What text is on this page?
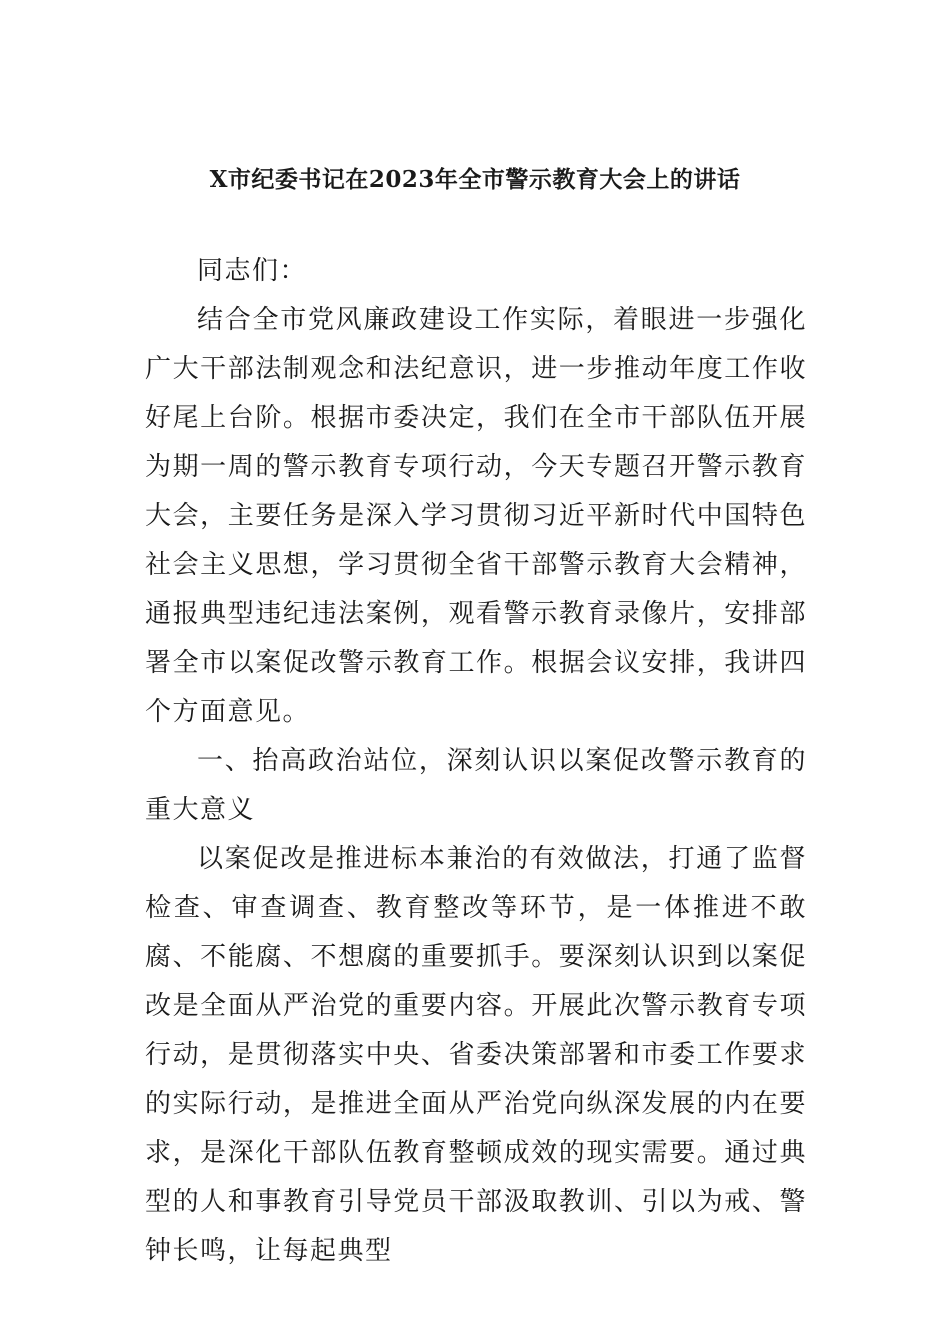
X市纪委书记在2023年全市警示教育大会上的讲话

同志们：

结合全市党风廉政建设工作实际，着眼进一步强化广大干部法制观念和法纪意识，进一步推动年度工作收好尾上台阶。根据市委决定，我们在全市干部队伍开展为期一周的警示教育专项行动，今天专题召开警示教育大会，主要任务是深入学习贯彻习近平新时代中国特色社会主义思想，学习贯彻全省干部警示教育大会精神，通报典型违纪违法案例，观看警示教育录像片，安排部署全市以案促改警示教育工作。根据会议安排，我讲四个方面意见。

一、抬高政治站位，深刻认识以案促改警示教育的重大意义

以案促改是推进标本兼治的有效做法，打通了监督检查、审查调查、教育整改等环节，是一体推进不敢腐、不能腐、不想腐的重要抓手。要深刻认识到以案促改是全面从严治党的重要内容。开展此次警示教育专项行动，是贯彻落实中央、省委决策部署和市委工作要求的实际行动，是推进全面从严治党向纵深发展的内在要求，是深化干部队伍教育整顿成效的现实需要。通过典型的人和事教育引导党员干部汲取教训、引以为戒、警钟长鸣，让每起典型
